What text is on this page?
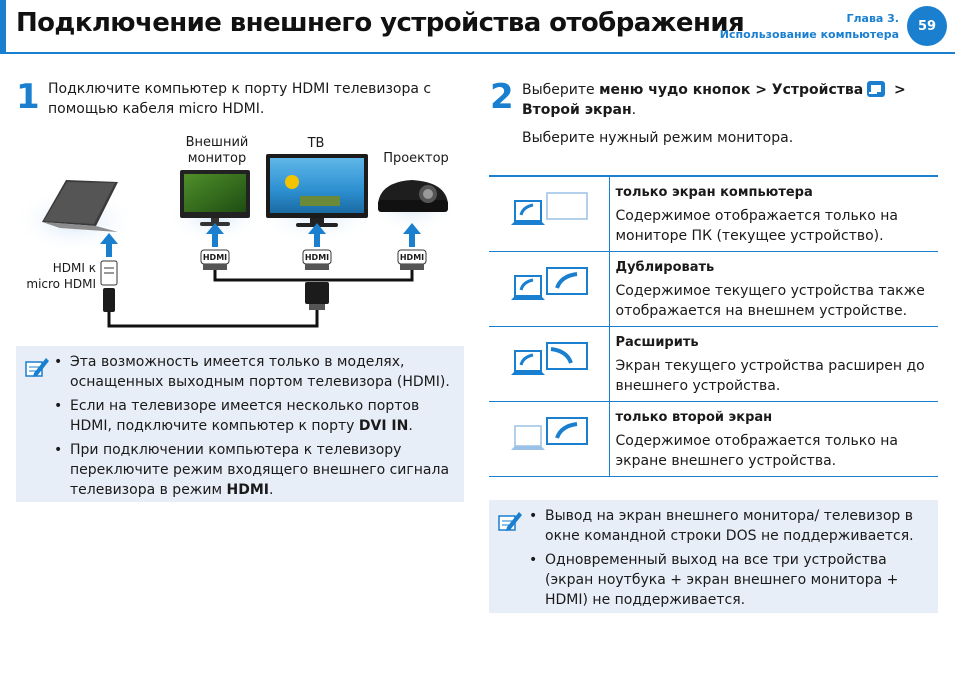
Подключение внешнего устройства отображения	Глава 3.
Использование компьютера
59
1 Подключите компьютер к порту HDMI телевизора с помощью кабеля micro HDMI.

Внешний монитор
ТВ
Проектор
HDMI к micro HDMI
HDMI	HDMI	HDMI
• Эта возможность имеется только в моделях, оснащенных выходным портом телевизора (HDMI).
• Если на телевизоре имеется несколько портов HDMI, подключите компьютер к порту DVI IN.
• При подключении компьютера к телевизору переключите режим входящего внешнего сигнала телевизора в режим HDMI.
2 Выберите меню чудо кнопок > Устройства > Второй экран.

Выберите нужный режим монитора.

только экран компьютера
Содержимое отображается только на мониторе ПК (текущее устройство).

Дублировать
Содержимое текущего устройства также отображается на внешнем устройстве.

Расширить
Экран текущего устройства расширен до внешнего устройства.

только второй экран
Содержимое отображается только на экране внешнего устройства.
• Вывод на экран внешнего монитора/ телевизор в окне командной строки DOS не поддерживается.
• Одновременный выход на все три устройства (экран ноутбука + экран внешнего монитора + HDMI) не поддерживается.
